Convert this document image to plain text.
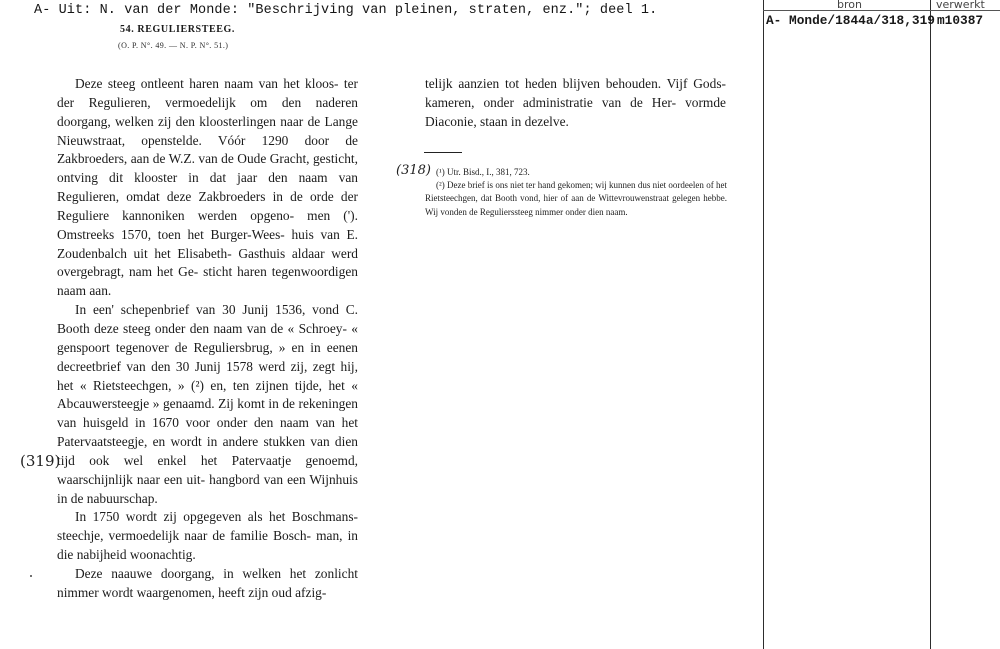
A- Uit: N. van der Monde: "Beschrijving van pleinen, straten, enz."; deel 1.
54. REGULIERSTEEG.
(O. P. N°. 49. — N. P. N°. 51.)

Deze steeg ontleent haren naam van het kloos- ter der Regulieren, vermoedelijk om den naderen doorgang, welken zij den kloosterlingen naar de Lange Nieuwstraat, openstelde. Vóór 1290 door de Zakbroeders, aan de W.Z. van de Oude Gracht, gesticht, ontving dit klooster in dat jaar den naam van Regulieren, omdat deze Zakbroeders in de orde der Reguliere kannoniken werden opgeno- men ('). Omstreeks 1570, toen het Burger-Wees- huis van E. Zoudenbalch uit het Elisabeth- Gasthuis aldaar werd overgebragt, nam het Ge- sticht haren tegenwoordigen naam aan.

In een' schepenbrief van 30 Junij 1536, vond C. Booth deze steeg onder den naam van de « Schroey- « genspoort tegenover de Reguliersbrug, » en in eenen decreetbrief van den 30 Junij 1578 werd zij, zegt hij, het « Rietsteechgen, » (²) en, ten zijnen tijde, het « Abcauwersteegje » genaamd. Zij komt in de rekeningen van huisgeld in 1670 voor onder den naam van het Patervaatsteegje, en wordt in andere stukken van dien tijd ook wel enkel het Patervaatje genoemd, waarschijnlijk naar een uit- hangbord van een Wijnhuis in de nabuurschap.

In 1750 wordt zij opgegeven als het Boschmans- steechje, vermoedelijk naar de familie Bosch- man, in die nabijheid woonachtig.

Deze naauwe doorgang, in welken het zonlicht nimmer wordt waargenomen, heeft zijn oud afzig-

(319)

telijk aanzien tot heden blijven behouden. Vijf Gods-kameren, onder administratie van de Her- vormde Diaconie, staan in dezelve.

(318) (¹) Utr. Bisd., I., 381, 723.

(²) Deze brief is ons niet ter hand gekomen; wij kunnen dus niet oordeelen of het Rietsteechgen, dat Booth vond, hier of aan de Wittevrouwenstraat gelegen hebbe. Wij vonden de Regulierssteeg nimmer onder dien naam.

bron	verwerkt
A- Monde/1844a/318,319 m10387
